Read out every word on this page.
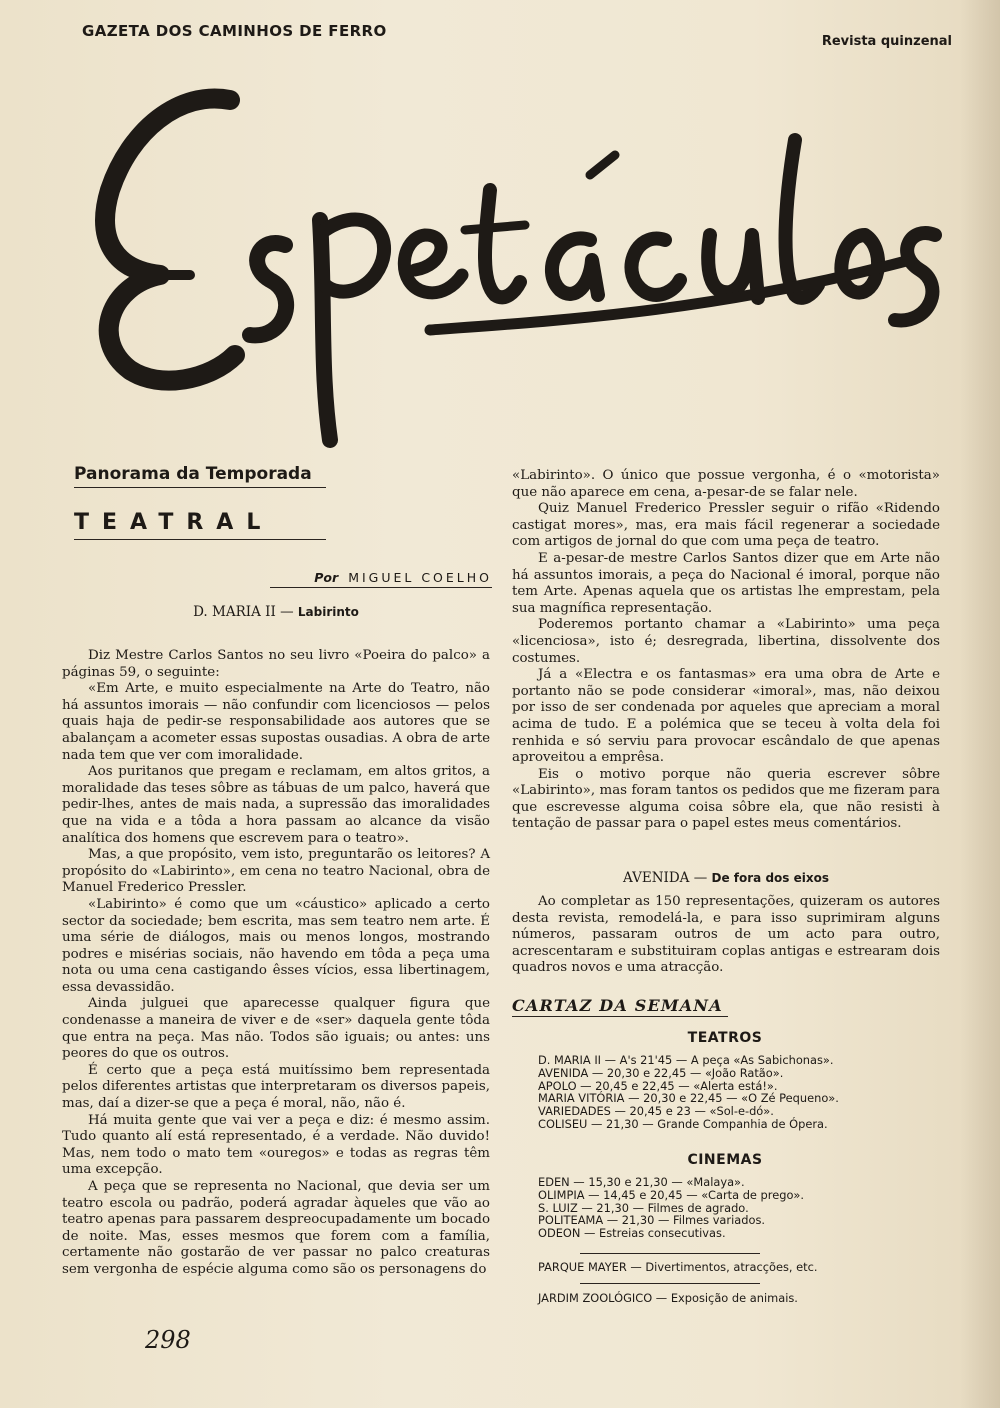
GAZETA DOS CAMINHOS DE FERRO
Revista quinzenal
Panorama da Temporada
TEATRAL
Por MIGUEL COELHO
D. MARIA II — Labirinto

Diz Mestre Carlos Santos no seu livro «Poeira do palco» a páginas 59, o seguinte:

«Em Arte, e muito especialmente na Arte do Teatro, não há assuntos imorais — não confundir com licenciosos — pelos quais haja de pedir-se responsabilidade aos autores que se abalançam a acometer essas supostas ousadias. A obra de arte nada tem que ver com imoralidade.

Aos puritanos que pregam e reclamam, em altos gritos, a moralidade das teses sôbre as tábuas de um palco, haverá que pedir-lhes, antes de mais nada, a supressão das imoralidades que na vida e a tôda a hora passam ao alcance da visão analítica dos homens que escrevem para o teatro».

Mas, a que propósito, vem isto, preguntarão os leitores? A propósito do «Labirinto», em cena no teatro Nacional, obra de Manuel Frederico Pressler.

«Labirinto» é como que um «cáustico» aplicado a certo sector da sociedade; bem escrita, mas sem teatro nem arte. É uma série de diálogos, mais ou menos longos, mostrando podres e misérias sociais, não havendo em tôda a peça uma nota ou uma cena castigando êsses vícios, essa libertinagem, essa devassidão.

Ainda julguei que aparecesse qualquer figura que condenasse a maneira de viver e de «ser» daquela gente tôda que entra na peça. Mas não. Todos são iguais; ou antes: uns peores do que os outros.

É certo que a peça está muitíssimo bem representada pelos diferentes artistas que interpretaram os diversos papeis, mas, daí a dizer-se que a peça é moral, não, não é.

Há muita gente que vai ver a peça e diz: é mesmo assim. Tudo quanto alí está representado, é a verdade. Não duvido! Mas, nem todo o mato tem «ouregos» e todas as regras têm uma excepção.

A peça que se representa no Nacional, que devia ser um teatro escola ou padrão, poderá agradar àqueles que vão ao teatro apenas para passarem despreocupadamente um bocado de noite. Mas, esses mesmos que forem com a família, certamente não gostarão de ver passar no palco creaturas sem vergonha de espécie alguma como são os personagens do

«Labirinto». O único que possue vergonha, é o «motorista» que não aparece em cena, a-pesar-de se falar nele.

Quiz Manuel Frederico Pressler seguir o rifão «Ridendo castigat mores», mas, era mais fácil regenerar a sociedade com artigos de jornal do que com uma peça de teatro.

E a-pesar-de mestre Carlos Santos dizer que em Arte não há assuntos imorais, a peça do Nacional é imoral, porque não tem Arte. Apenas aquela que os artistas lhe emprestam, pela sua magnífica representação.

Poderemos portanto chamar a «Labirinto» uma peça «licenciosa», isto é; desregrada, libertina, dissolvente dos costumes.

Já a «Electra e os fantasmas» era uma obra de Arte e portanto não se pode considerar «imoral», mas, não deixou por isso de ser condenada por aqueles que apreciam a moral acima de tudo. E a polémica que se teceu à volta dela foi renhida e só serviu para provocar escândalo de que apenas aproveitou a emprêsa.

Eis o motivo porque não queria escrever sôbre «Labirinto», mas foram tantos os pedidos que me fizeram para que escrevesse alguma coisa sôbre ela, que não resisti à tentação de passar para o papel estes meus comentários.

AVENIDA — De fora dos eixos

Ao completar as 150 representações, quizeram os autores desta revista, remodelá-la, e para isso suprimiram alguns números, passaram outros de um acto para outro, acrescentaram e substituiram coplas antigas e estrearam dois quadros novos e uma atracção.

CARTAZ DA SEMANA
TEATROS
D. MARIA II — A's 21'45 — A peça «As Sabichonas».
AVENIDA — 20,30 e 22,45 — «João Ratão».
APOLO — 20,45 e 22,45 — «Alerta está!».
MARIA VITÓRIA — 20,30 e 22,45 — «O Zé Pequeno».
VARIEDADES — 20,45 e 23 — «Sol-e-dó».
COLISEU — 21,30 — Grande Companhia de Ópera.
CINEMAS
EDEN — 15,30 e 21,30 — «Malaya».
OLIMPIA — 14,45 e 20,45 — «Carta de prego».
S. LUIZ — 21,30 — Filmes de agrado.
POLITEAMA — 21,30 — Filmes variados.
ODEON — Estreias consecutivas.
PARQUE MAYER — Divertimentos, atracções, etc.
JARDIM ZOOLÓGICO — Exposição de animais.
298
